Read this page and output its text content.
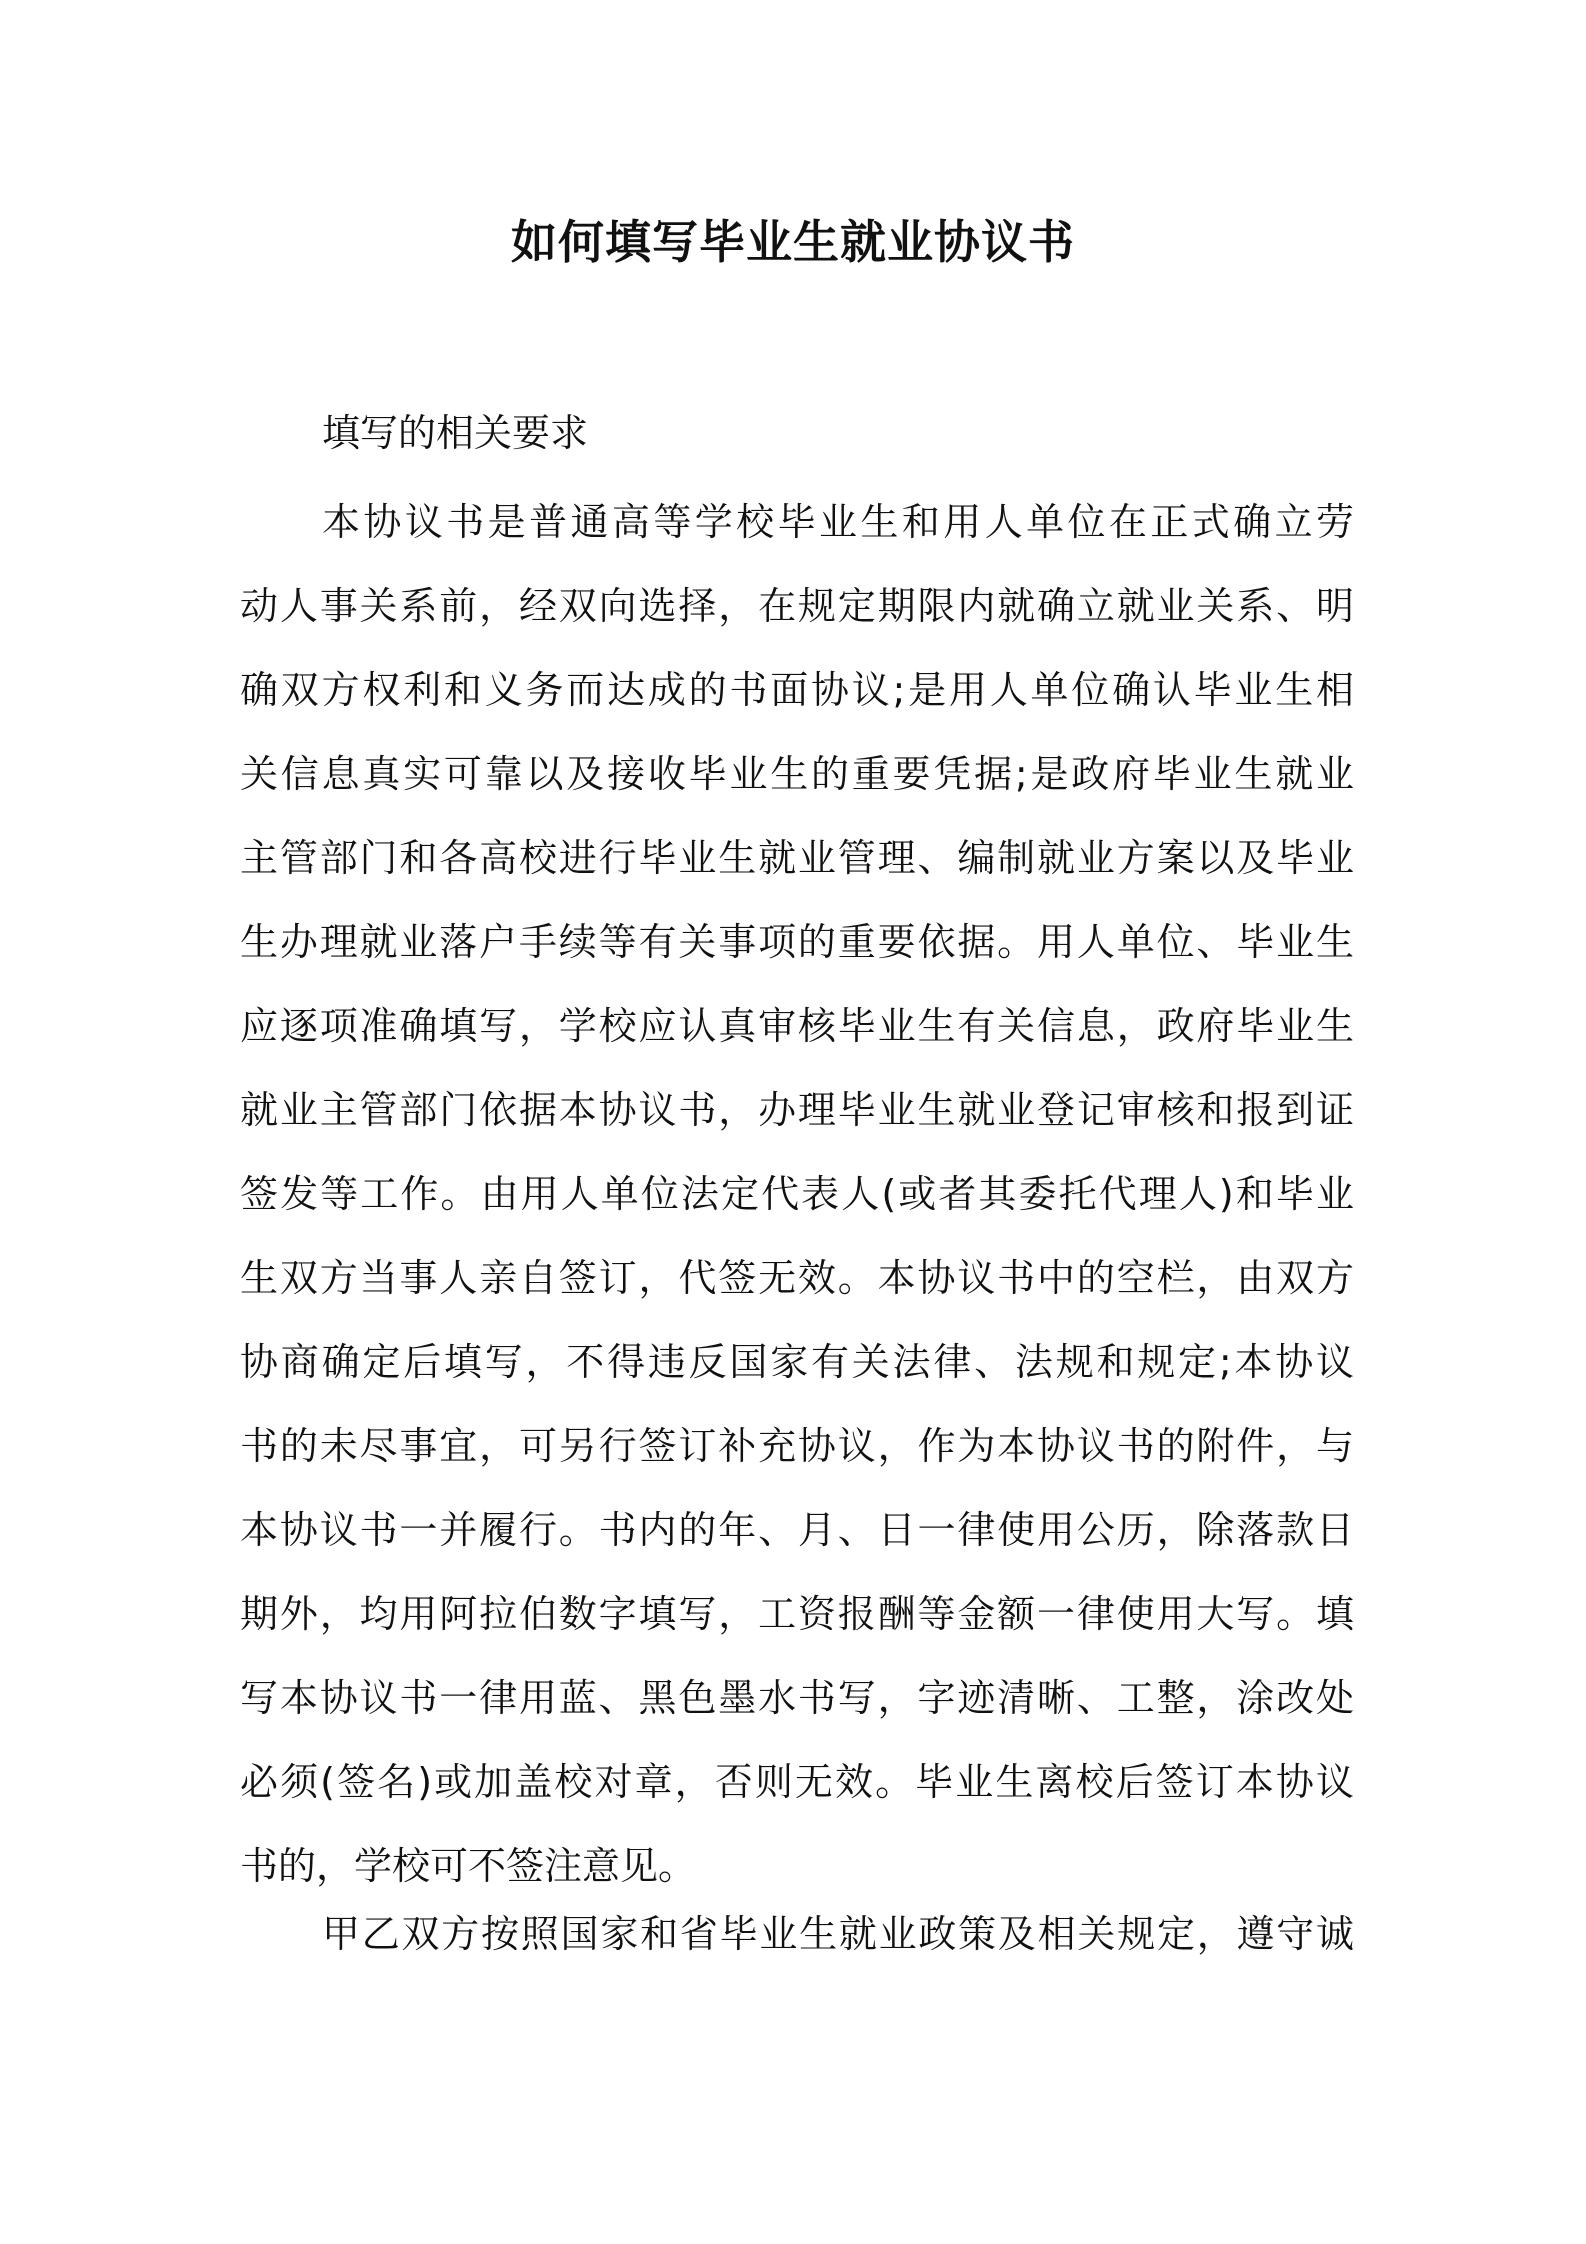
如何填写毕业生就业协议书

填写的相关要求

本协议书是普通高等学校毕业生和用人单位在正式确立劳
动人事关系前，经双向选择，在规定期限内就确立就业关系、明
确双方权利和义务而达成的书面协议;是用人单位确认毕业生相
关信息真实可靠以及接收毕业生的重要凭据;是政府毕业生就业
主管部门和各高校进行毕业生就业管理、编制就业方案以及毕业
生办理就业落户手续等有关事项的重要依据。用人单位、毕业生
应逐项准确填写，学校应认真审核毕业生有关信息，政府毕业生
就业主管部门依据本协议书，办理毕业生就业登记审核和报到证
签发等工作。由用人单位法定代表人(或者其委托代理人)和毕业
生双方当事人亲自签订，代签无效。本协议书中的空栏，由双方
协商确定后填写，不得违反国家有关法律、法规和规定;本协议
书的未尽事宜，可另行签订补充协议，作为本协议书的附件，与
本协议书一并履行。书内的年、月、日一律使用公历，除落款日
期外，均用阿拉伯数字填写，工资报酬等金额一律使用大写。填
写本协议书一律用蓝、黑色墨水书写，字迹清晰、工整，涂改处
必须(签名)或加盖校对章，否则无效。毕业生离校后签订本协议
书的，学校可不签注意见。
甲乙双方按照国家和省毕业生就业政策及相关规定，遵守诚
